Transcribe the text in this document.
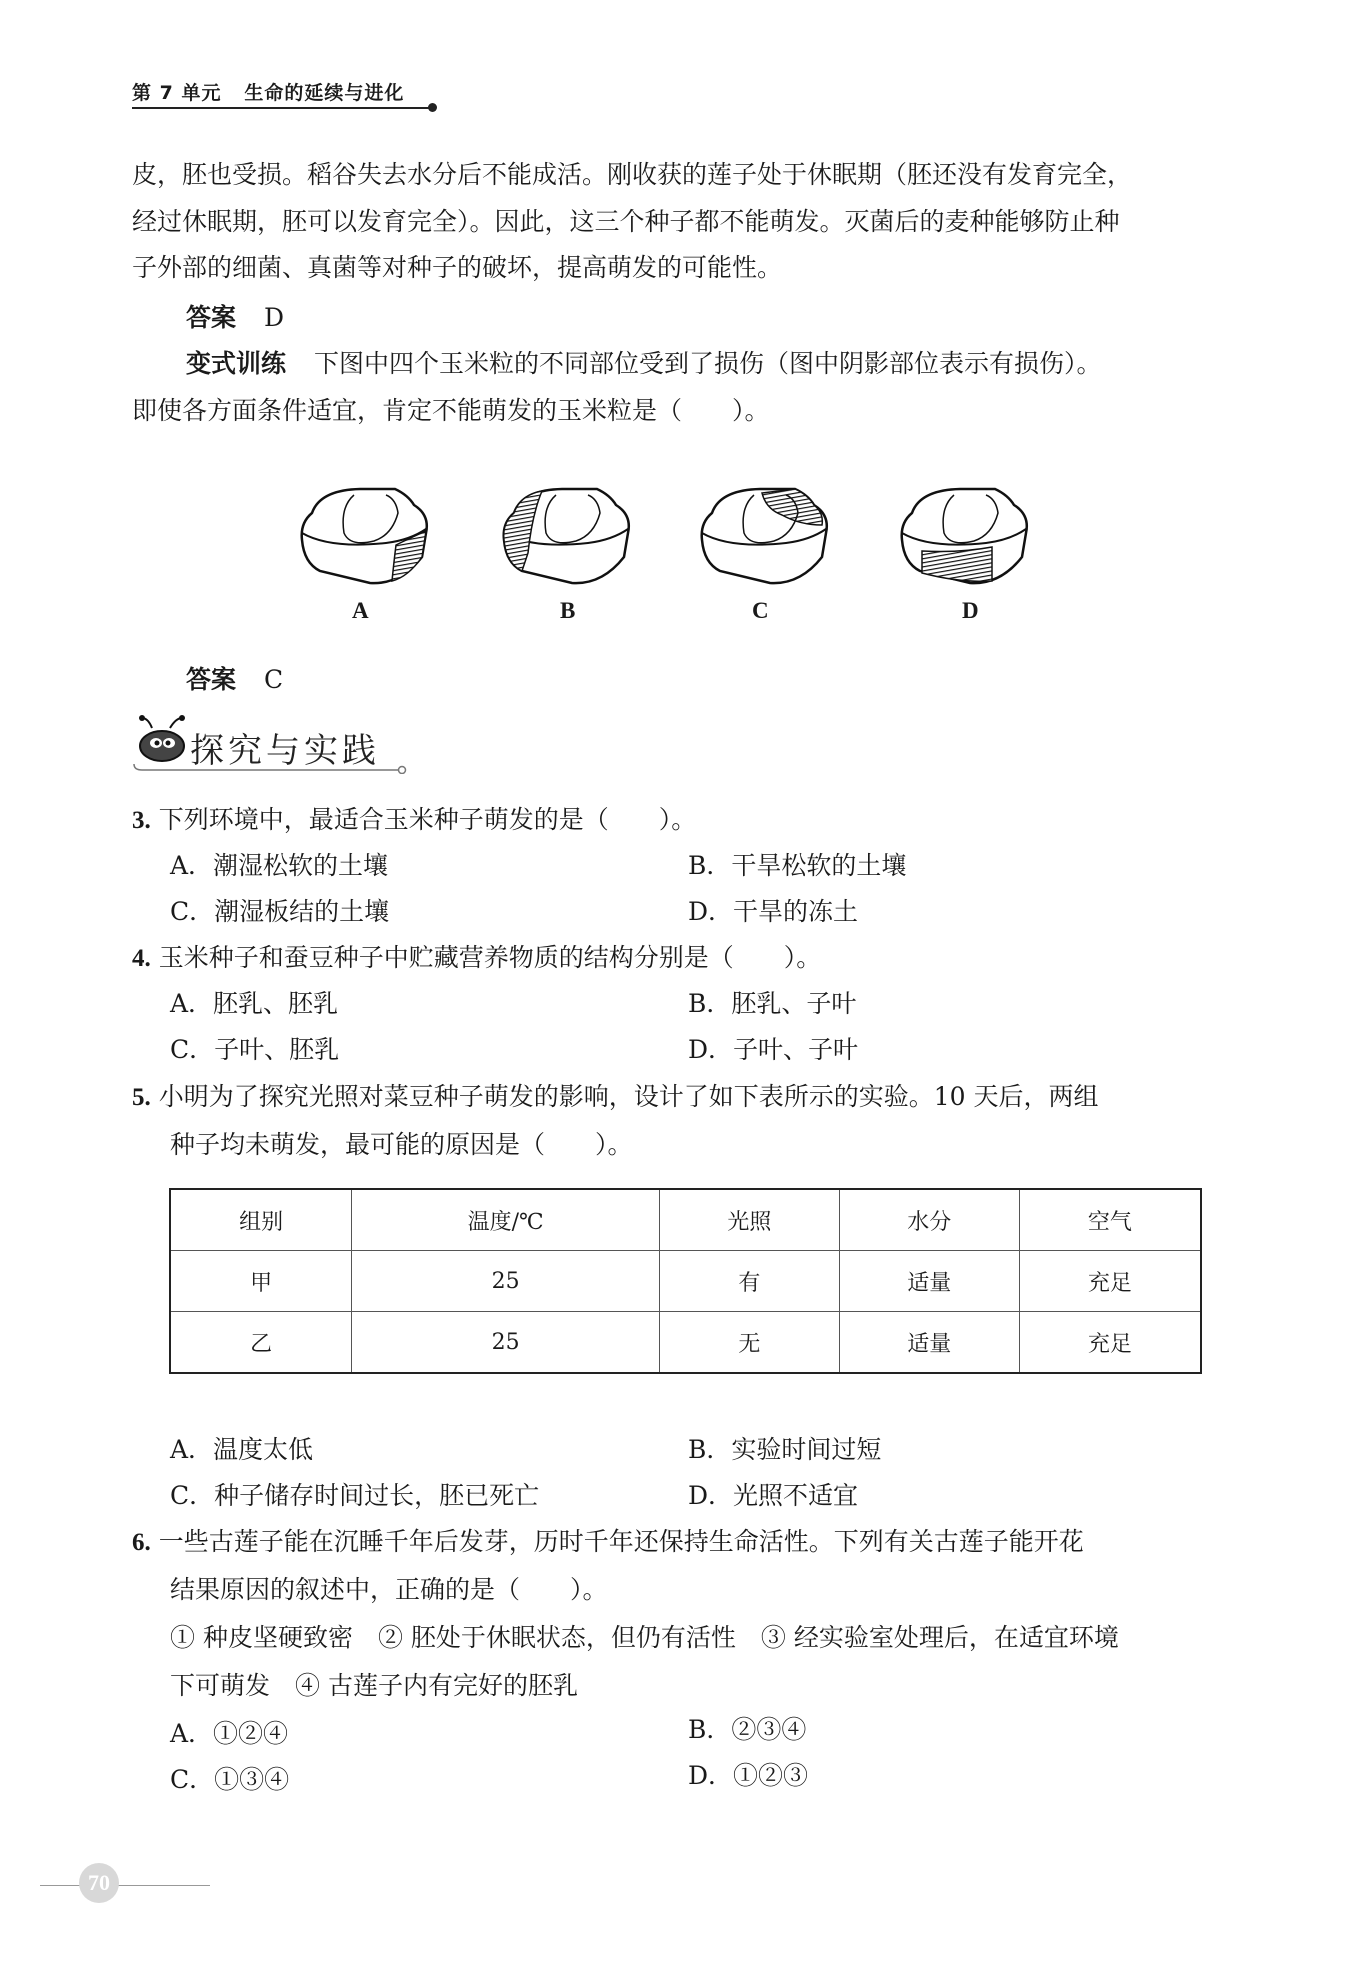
第 7 单元 生命的延续与进化
皮，胚也受损。稻谷失去水分后不能成活。刚收获的莲子处于休眠期（胚还没有发育完全，
经过休眠期，胚可以发育完全）。因此，这三个种子都不能萌发。灭菌后的麦种能够防止种
子外部的细菌、真菌等对种子的破坏，提高萌发的可能性。
答案 D
变式训练 下图中四个玉米粒的不同部位受到了损伤（图中阴影部位表示有损伤）。
即使各方面条件适宜，肯定不能萌发的玉米粒是（　　）。
A	B	C	D
答案 C
探究与实践
3. 下列环境中，最适合玉米种子萌发的是（　　）。
A．潮湿松软的土壤	B．干旱松软的土壤
C．潮湿板结的土壤	D．干旱的冻土
4. 玉米种子和蚕豆种子中贮藏营养物质的结构分别是（　　）。
A．胚乳、胚乳	B．胚乳、子叶
C．子叶、胚乳	D．子叶、子叶
5. 小明为了探究光照对菜豆种子萌发的影响，设计了如下表所示的实验。10 天后，两组
种子均未萌发，最可能的原因是（　　）。
组别	温度/℃	光照	水分	空气
甲	25	有	适量	充足
乙	25	无	适量	充足
A．温度太低	B．实验时间过短
C．种子储存时间过长，胚已死亡	D．光照不适宜
6. 一些古莲子能在沉睡千年后发芽，历时千年还保持生命活性。下列有关古莲子能开花
结果原因的叙述中，正确的是（　　）。
① 种皮坚硬致密　② 胚处于休眠状态，但仍有活性　③ 经实验室处理后，在适宜环境
下可萌发　④ 古莲子内有完好的胚乳
A．①②④	B．②③④
C．①③④	D．①②③
70
